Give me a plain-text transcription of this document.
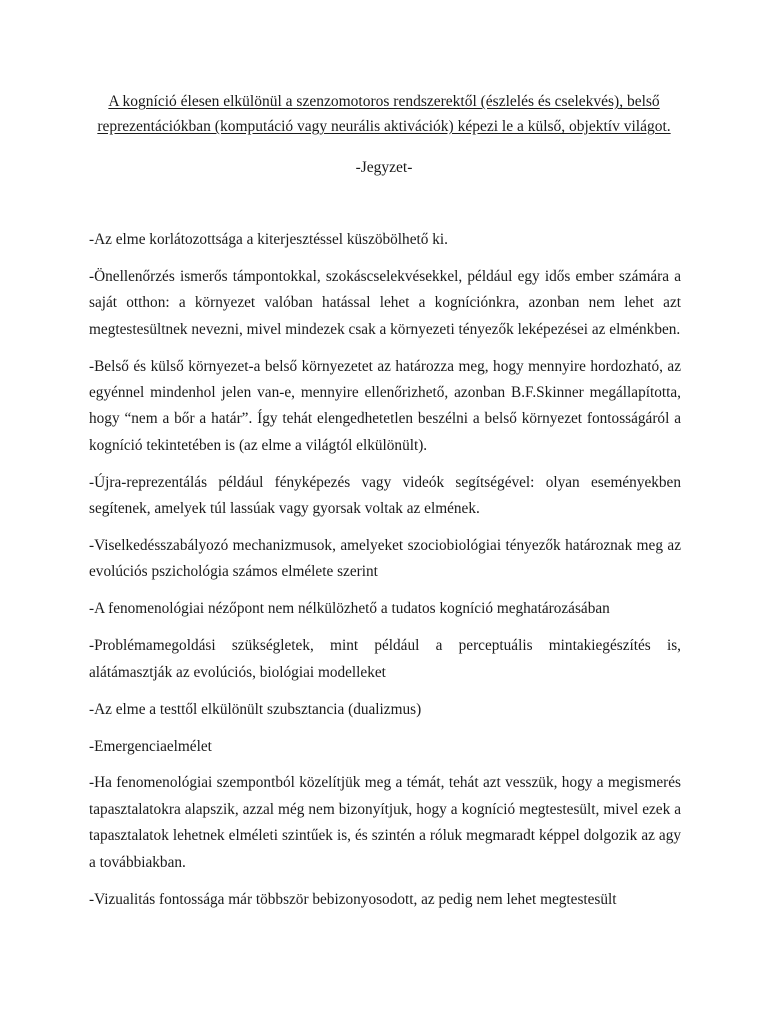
A kogníció élesen elkülönül a szenzomotoros rendszerektől (észlelés és cselekvés), belső reprezentációkban (komputáció vagy neurális aktivációk) képezi le a külső, objektív világot.
-Jegyzet-

-Az elme korlátozottsága a kiterjesztéssel küszöbölhető ki.

-Önellenőrzés ismerős támpontokkal, szokáscselekvésekkel, például egy idős ember számára a saját otthon: a környezet valóban hatással lehet a kogníciónkra, azonban nem lehet azt megtestesültnek nevezni, mivel mindezek csak a környezeti tényezők leképezései az elménkben.

-Belső és külső környezet-a belső környezetet az határozza meg, hogy mennyire hordozható, az egyénnel mindenhol jelen van-e, mennyire ellenőrizhető, azonban B.F.Skinner megállapította, hogy “nem a bőr a határ”. Így tehát elengedhetetlen beszélni a belső környezet fontosságáról a kogníció tekintetében is (az elme a világtól elkülönült).

-Újra-reprezentálás például fényképezés vagy videók segítségével: olyan eseményekben segítenek, amelyek túl lassúak vagy gyorsak voltak az elmének.

-Viselkedésszabályozó mechanizmusok, amelyeket szociobiológiai tényezők határoznak meg az evolúciós pszichológia számos elmélete szerint

-A fenomenológiai nézőpont nem nélkülözhető a tudatos kogníció meghatározásában

-Problémamegoldási szükségletek, mint például a perceptuális mintakiegészítés is, alátámasztják az evolúciós, biológiai modelleket

-Az elme a testtől elkülönült szubsztancia (dualizmus)

-Emergenciaelmélet

-Ha fenomenológiai szempontból közelítjük meg a témát, tehát azt vesszük, hogy a megismerés tapasztalatokra alapszik, azzal még nem bizonyítjuk, hogy a kogníció megtestesült, mivel ezek a tapasztalatok lehetnek elméleti szintűek is, és szintén a róluk megmaradt képpel dolgozik az agy a továbbiakban.

-Vizualitás fontossága már többször bebizonyosodott, az pedig nem lehet megtestesült
